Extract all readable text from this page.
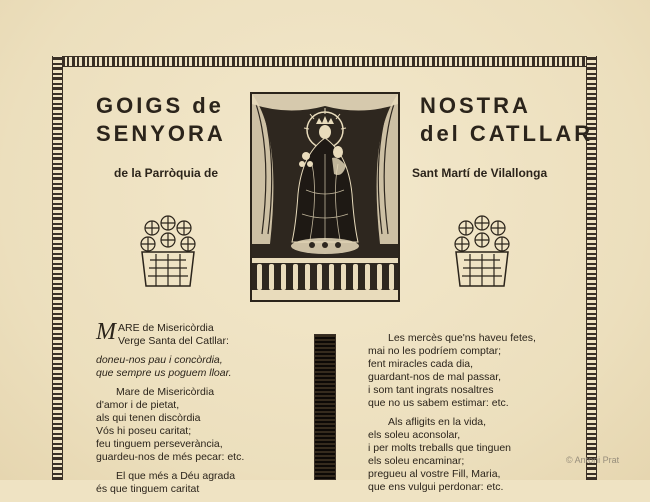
GOIGS de
SENYORA
NOSTRA
del CATLLAR
de la Parròquia de	Sant Martí de Vilallonga

MARE de Misericòrdia
Verge Santa del Catllar:

doneu-nos pau i concòrdia,
que sempre us poguem lloar.

Mare de Misericòrdia
d'amor i de pietat,
als qui tenen discòrdia
Vós hi poseu caritat;
feu tinguem perseverància,
guardeu-nos de més pecar: etc.

El que més a Déu agrada
és que tinguem caritat

Les mercès que'ns haveu fetes,
mai no les podríem comptar;
fent miracles cada dia,
guardant-nos de mal passar,
i som tant ingrats nosaltres
que no us sabem estimar: etc.

Als afligits en la vida,
els soleu aconsolar,
i per molts treballs que tinguen
els soleu encaminar;
pregueu al vostre Fill, Maria,
que ens vulgui perdonar: etc.

© Antoni Prat
